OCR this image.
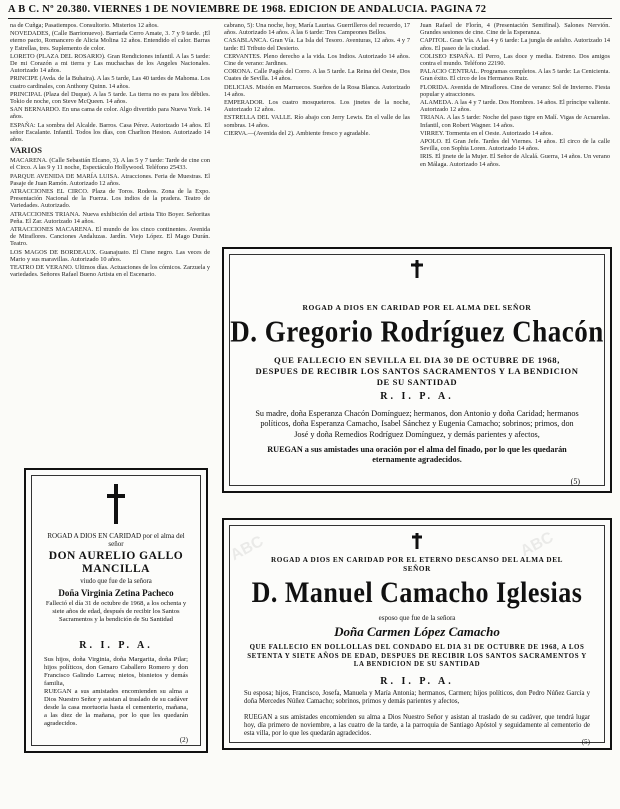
A B C. Nº 20.380. VIERNES 1 DE NOVIEMBRE DE 1968. EDICION DE ANDALUCIA. PAGINA 72

na de Cuñga; Pasatiempos. Consultorio. Misterios 12 años.

NOVEDADES, (Calle Barrionuevo). Barriada Cerro Amate, 3. 7 y 9 tarde. ¡El eterno pacto, Romancero de Alicia Molina 12 años. Entendido el calor. Barras y Estrellas, tres. Suplemento de color.

LORETO (PLAZA DEL ROSARIO). Gran Rendiciones infantil. A las 5 tarde: De mi Corazón a mi tierra y Las muchachas de los Angeles Nacionales. Autorizado 14 años.

PRINCIPE (Avda. de la Buhaira). A las 5 tarde, Las 40 tardes de Mahoma. Los cuatro cardinales, con Anthony Quinn. 14 años.

PRINCIPAL (Plaza del Duque). A las 5 tarde. La tierra no es para los débiles. Tokio de noche, con Steve McQueen. 14 años.

SAN BERNARDO. En una cama de color. Algo divertido para Nueva York. 14 años.

ESPAÑA: La sombra del Alcalde. Barros. Casa Pérez. Autorizado 14 años. El señor Escalante. Infantil. Todos los días, con Charlton Heston. Autorizado 14 años.

VARIOS

MACARENA. (Calle Sebastián Elcano, 3). A las 5 y 7 tarde: Tarde de cine con el Circo. A las 9 y 11 noche, Espectáculo Hollywood. Teléfono 25433.

PARQUE AVENIDA DE MARÍA LUISA. Atracciones. Feria de Muestras. El Pasaje de Juan Ramón. Autorizado 12 años.

ATRACCIONES EL CIRCO. Plaza de Toros. Rodeos. Zona de la Expo. Presentación Nacional de la Fuerza. Los indios de la pradera. Teatro de Variedades. Autorizado.

ATRACCIONES TRIANA. Nueva exhibición del artista Tito Boyer. Señoritas Peña. El Zar. Autorizado 14 años.

ATRACCIONES MACARENA. El mundo de los cinco continentes. Avenida de Miraflores. Canciones Andaluzas. Jardín. Viejo López. El Mago Durán. Teatro.

LOS MAGOS DE BORDEAUX. Guanajuato. El Cisne negro. Las veces de Mario y sus maravillas. Autorizado 10 años.

TEATRO DE VERANO. Ultimos días. Actuaciones de los cómicos. Zarzuela y variedades. Señores Rafael Bueno Artista en el Escenario.

cabrano, 5): Una noche, hoy, María Laurisa. Guerrilleros del recuerdo, 17 años. Autorizado 14 años. A las 6 tarde: Tres Campeones Bellos.

CASABLANCA. Gran Vía. La Isla del Tesoro. Aventuras, 12 años. 4 y 7 tarde: El Tributo del Desierto.

CERVANTES. Pleno derecho a la vida. Los Indios. Autorizado 14 años. Cine de verano: Jardines.

CORONA. Calle Pagés del Corro. A las 5 tarde. La Reina del Oeste, Dos Cuates de Sevilla. 14 años.

DELICIAS. Misión en Marruecos. Sueños de la Rosa Blanca. Autorizado 14 años.

EMPERADOR. Los cuatro mosqueteros. Los jinetes de la noche, Autorizado 12 años.

ESTRELLA DEL VALLE. Río abajo con Jerry Lewis. En el valle de las sombras. 14 años.

CIERVA.—(Avenida del 2). Ambiente fresco y agradable.

Juan Rafael de Florín, 4 (Presentación Semifinal). Salones Nervión. Grandes sesiones de cine. Cine de la Esperanza.

CAPITOL. Gran Vía. A las 4 y 6 tarde: La jungla de asfalto. Autorizado 14 años. El paseo de la ciudad.

COLISEO ESPAÑA. El Perro, Las doce y media. Estreno. Dos amigos contra el mundo. Teléfono 22190.

PALACIO CENTRAL. Programas completos. A las 5 tarde: La Cenicienta. Gran éxito. El circo de los Hermanos Ruiz.

FLORIDA. Avenida de Miraflores. Cine de verano: Sol de Invierno. Fiesta popular y atracciones.

ALAMEDA. A las 4 y 7 tarde. Dos Hombres. 14 años. El príncipe valiente. Autorizado 12 años.

TRIANA. A las 5 tarde: Noche del paso tigre en Malí. Vigas de Acuarelas. Infantil, con Robert Wagner. 14 años.

VIRREY. Tormenta en el Oeste. Autorizado 14 años.

APOLO. El Gran Jefe. Tardes del Viernes. 14 años. El circo de la calle Sevilla, con Sophia Loren. Autorizado 14 años.

IRIS. El jinete de la Mujer. El Señor de Alcalá. Guerra, 14 años. Un verano en Málaga. Autorizado 14 años.

ROGAD A DIOS EN CARIDAD POR EL ALMA DEL SEÑOR
D. Gregorio Rodríguez Chacón
QUE FALLECIO EN SEVILLA EL DIA 30 DE OCTUBRE DE 1968, DESPUES DE RECIBIR LOS SANTOS SACRAMENTOS Y LA BENDICION DE SU SANTIDAD
R. I. P. A.
Su madre, doña Esperanza Chacón Domínguez; hermanos, don Antonio y doña Caridad; hermanos políticos, doña Esperanza Camacho, Isabel Sánchez y Eugenia Camacho; sobrinos; primos, don José y doña Remedios Rodríguez Domínguez, y demás parientes y afectos,
RUEGAN a sus amistades una oración por el alma del finado, por lo que les quedarán eternamente agradecidos.
(5)
ROGAD A DIOS EN CARIDAD por el alma del señor
DON AURELIO GALLO MANCILLA
viudo que fue de la señora
Doña Virginia Zetina Pacheco
Falleció el día 31 de octubre de 1968, a los ochenta y siete años de edad, después de recibir los Santos Sacramentos y la bendición de Su Santidad
R. I. P. A.
Sus hijos, doña Virginia, doña Margarita, doña Pilar; hijos políticos, don Genaro Caballero Romero y don Francisco Galindo Larrea; nietos, bisnietos y demás familia,
RUEGAN a sus amistades encomienden su alma a Dios Nuestro Señor y asistan al traslado de su cadáver desde la casa mortuoria hasta el cementerio, mañana, a las diez de la mañana, por lo que les quedarán agradecidos.
(2)
ROGAD A DIOS EN CARIDAD POR EL ETERNO DESCANSO DEL ALMA DEL SEÑOR
D. Manuel Camacho Iglesias
esposo que fue de la señora
Doña Carmen López Camacho
QUE FALLECIO EN DOLLOLLAS DEL CONDADO EL DIA 31 DE OCTUBRE DE 1968, A LOS SETENTA Y SIETE AÑOS DE EDAD, DESPUES DE RECIBIR LOS SANTOS SACRAMENTOS Y LA BENDICION DE SU SANTIDAD
R. I. P. A.
Su esposa; hijos, Francisco, Josefa, Manuela y María Antonia; hermanos, Carmen; hijos políticos, don Pedro Núñez García y doña Mercedes Núñez Camacho; sobrinos, primos y demás parientes y afectos,
RUEGAN a sus amistades encomienden su alma a Dios Nuestro Señor y asistan al traslado de su cadáver, que tendrá lugar hoy, día primero de noviembre, a las cuatro de la tarde, a la parroquia de Santiago Apóstol y seguidamente al cementerio de esta villa, por lo que les quedarán agradecidos.
(5)
ABC	ABC
